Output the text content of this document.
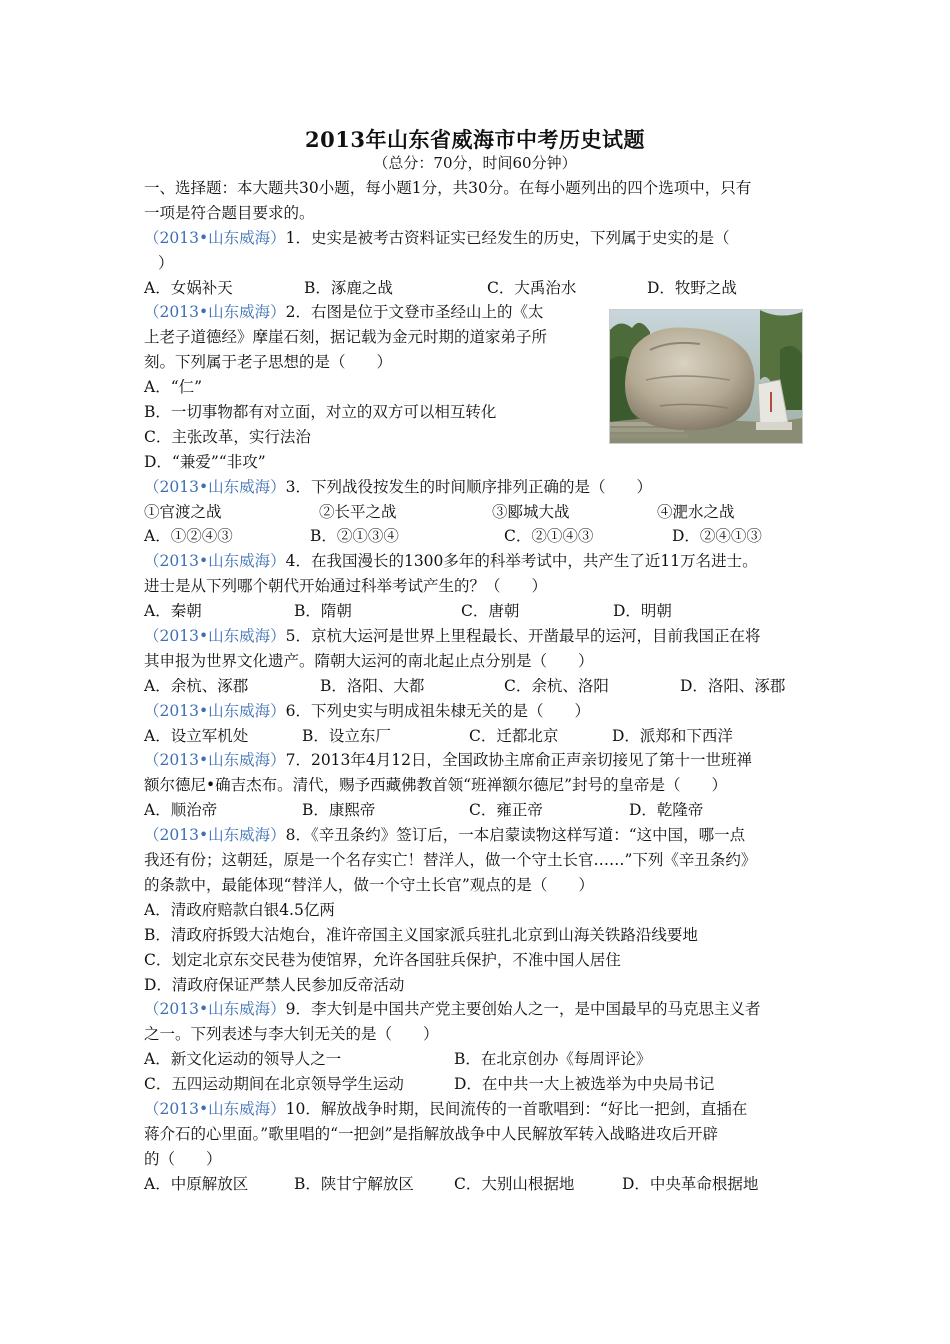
2013年山东省威海市中考历史试题
（总分：70分，时间60分钟）
一、选择题：本大题共30小题，每小题1分，共30分。在每小题列出的四个选项中，只有
一项是符合题目要求的。
（2013•山东威海）1．史实是被考古资料证实已经发生的历史，下列属于史实的是（
）
A．女娲补天	B．涿鹿之战	C．大禹治水	D．牧野之战
（2013•山东威海）2．右图是位于文登市圣经山上的《太
上老子道德经》摩崖石刻，据记载为金元时期的道家弟子所
刻。下列属于老子思想的是（　　）
A．“仁”
B．一切事物都有对立面，对立的双方可以相互转化
C．主张改革，实行法治
D．“兼爱”“非攻”
（2013•山东威海）3．下列战役按发生的时间顺序排列正确的是（　　）
①官渡之战	②长平之战	③郾城大战	④淝水之战
A．①②④③	B．②①③④	C．②①④③	D．②④①③
（2013•山东威海）4．在我国漫长的1300多年的科举考试中，共产生了近11万名进士。
进士是从下列哪个朝代开始通过科举考试产生的？（　　）
A．秦朝	B．隋朝	C．唐朝	D．明朝
（2013•山东威海）5．京杭大运河是世界上里程最长、开凿最早的运河，目前我国正在将
其申报为世界文化遗产。隋朝大运河的南北起止点分别是（　　）
A．余杭、涿郡	B．洛阳、大都	C．余杭、洛阳	D．洛阳、涿郡
（2013•山东威海）6．下列史实与明成祖朱棣无关的是（　　）
A．设立军机处	B．设立东厂	C．迁都北京	D．派郑和下西洋
（2013•山东威海）7．2013年4月12日，全国政协主席俞正声亲切接见了第十一世班禅
额尔德尼•确吉杰布。清代，赐予西藏佛教首领“班禅额尔德尼”封号的皇帝是（　　）
A．顺治帝	B．康熙帝	C．雍正帝	D．乾隆帝
（2013•山东威海）8．《辛丑条约》签订后，一本启蒙读物这样写道：“这中国，哪一点
我还有份；这朝廷，原是一个名存实亡！替洋人，做一个守土长官……”下列《辛丑条约》
的条款中，最能体现“替洋人，做一个守土长官”观点的是（　　）
A．清政府赔款白银4.5亿两
B．清政府拆毁大沽炮台，准许帝国主义国家派兵驻扎北京到山海关铁路沿线要地
C．划定北京东交民巷为使馆界，允许各国驻兵保护，不准中国人居住
D．清政府保证严禁人民参加反帝活动
（2013•山东威海）9．李大钊是中国共产党主要创始人之一，是中国最早的马克思主义者
之一。下列表述与李大钊无关的是（　　）
A．新文化运动的领导人之一	B．在北京创办《每周评论》
C．五四运动期间在北京领导学生运动	D．在中共一大上被选举为中央局书记
（2013•山东威海）10．解放战争时期，民间流传的一首歌唱到：“好比一把剑，直插在
蒋介石的心里面。”歌里唱的“一把剑”是指解放战争中人民解放军转入战略进攻后开辟
的（　　）
A．中原解放区	B．陕甘宁解放区	C．大别山根据地	D．中央革命根据地
